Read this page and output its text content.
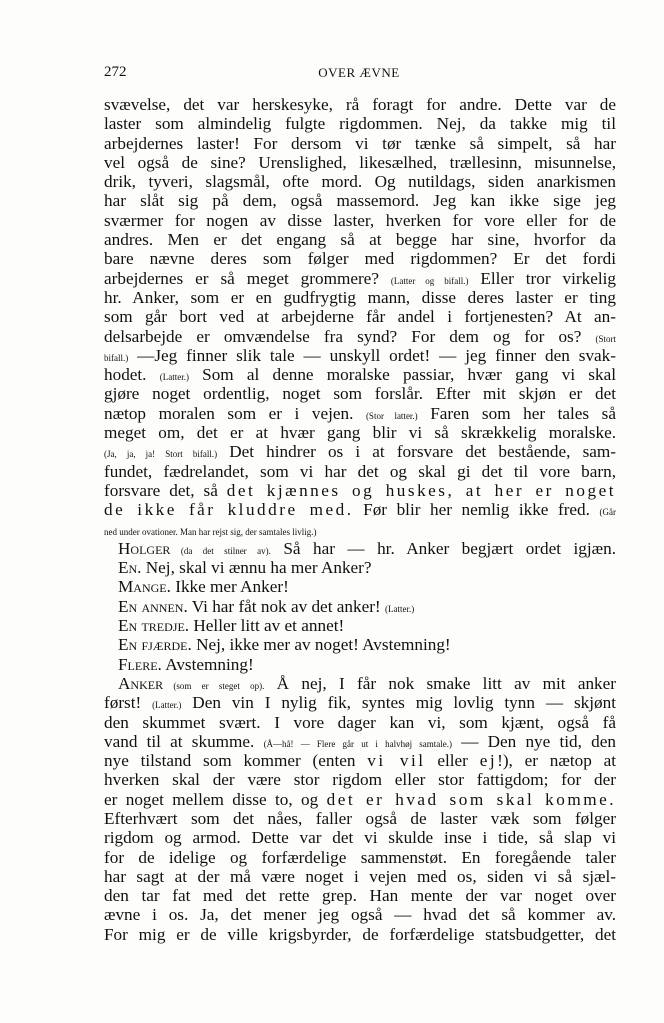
272	OVER ÆVNE
svævelse, det var herskesyke, rå foragt for andre. Dette var de
laster som almindelig fulgte rigdommen. Nej, da takke mig til
arbejdernes laster! For dersom vi tør tænke så simpelt, så har
vel også de sine? Urenslighed, likesælhed, trællesinn, misunnelse,
drik, tyveri, slagsmål, ofte mord. Og nutildags, siden anarkismen
har slåt sig på dem, også massemord. Jeg kan ikke sige jeg
sværmer for nogen av disse laster, hverken for vore eller for de
andres. Men er det engang så at begge har sine, hvorfor da
bare nævne deres som følger med rigdommen? Er det fordi
arbejdernes er så meget grommere? (Latter og bifall.) Eller tror virkelig
hr. Anker, som er en gudfrygtig mann, disse deres laster er ting
som går bort ved at arbejderne får andel i fortjenesten? At an-
delsarbejde er omvændelse fra synd? For dem og for os? (Stort
bifall.) —Jeg finner slik tale — unskyll ordet! — jeg finner den svak-
hodet. (Latter.) Som al denne moralske passiar, hvær gang vi skal
gjøre noget ordentlig, noget som forslår. Efter mit skjøn er det
nætop moralen som er i vejen. (Stor latter.) Faren som her tales så
meget om, det er at hvær gang blir vi så skrækkelig moralske.
(Ja, ja, ja! Stort bifall.) Det hindrer os i at forsvare det bestående, sam-
fundet, fædrelandet, som vi har det og skal gi det til vore barn,
forsvare det, så det kjænnes og huskes, at her er noget
de ikke får kluddre med. Før blir her nemlig ikke fred. (Går
ned under ovationer. Man har rejst sig, der samtales livlig.)
Holger (da det stilner av). Så har — hr. Anker begjært ordet igjæn.
En. Nej, skal vi ænnu ha mer Anker?
Mange. Ikke mer Anker!
En annen. Vi har fåt nok av det anker! (Latter.)
En tredje. Heller litt av et annet!
En fjærde. Nej, ikke mer av noget! Avstemning!
Flere. Avstemning!
Anker (som er steget op). Å nej, I får nok smake litt av mit anker
først! (Latter.) Den vin I nylig fik, syntes mig lovlig tynn — skjønt
den skummet svært. I vore dager kan vi, som kjænt, også få
vand til at skumme. (Å—hå! — Flere går ut i halvhøj samtale.) — Den nye tid, den
nye tilstand som kommer (enten vi vil eller ej!), er nætop at
hverken skal der være stor rigdom eller stor fattigdom; for der
er noget mellem disse to, og det er hvad som skal komme.
Efterhvært som det nåes, faller også de laster væk som følger
rigdom og armod. Dette var det vi skulde inse i tide, så slap vi
for de idelige og forfærdelige sammenstøt. En foregående taler
har sagt at der må være noget i vejen med os, siden vi så sjæl-
den tar fat med det rette grep. Han mente der var noget over
ævne i os. Ja, det mener jeg også — hvad det så kommer av.
For mig er de ville krigsbyrder, de forfærdelige statsbudgetter, det
